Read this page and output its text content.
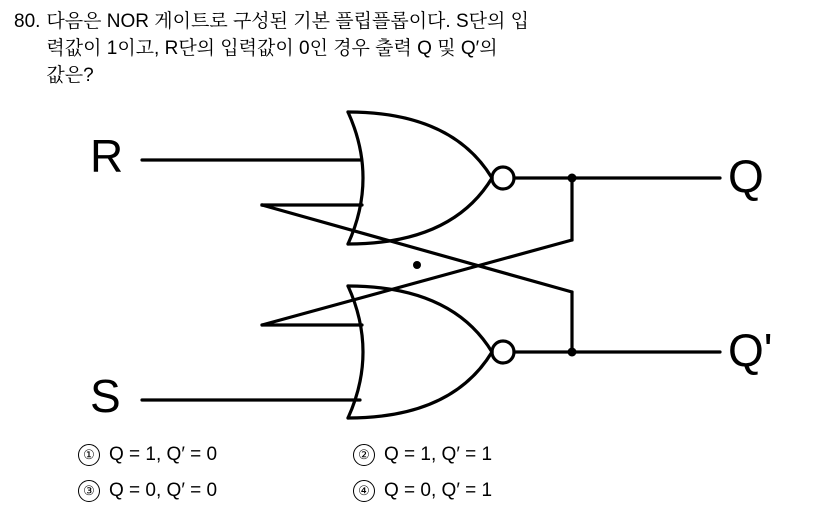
80. 다음은 NOR 게이트로 구성된 기본 플립플롭이다. S단의 입
력값이 1이고, R단의 입력값이 0인 경우 출력 Q 및 Q′의
값은?
R
S
Q
Q'
① Q = 1, Q′ = 0	② Q = 1, Q′ = 1
③ Q = 0, Q′ = 0	④ Q = 0, Q′ = 1
